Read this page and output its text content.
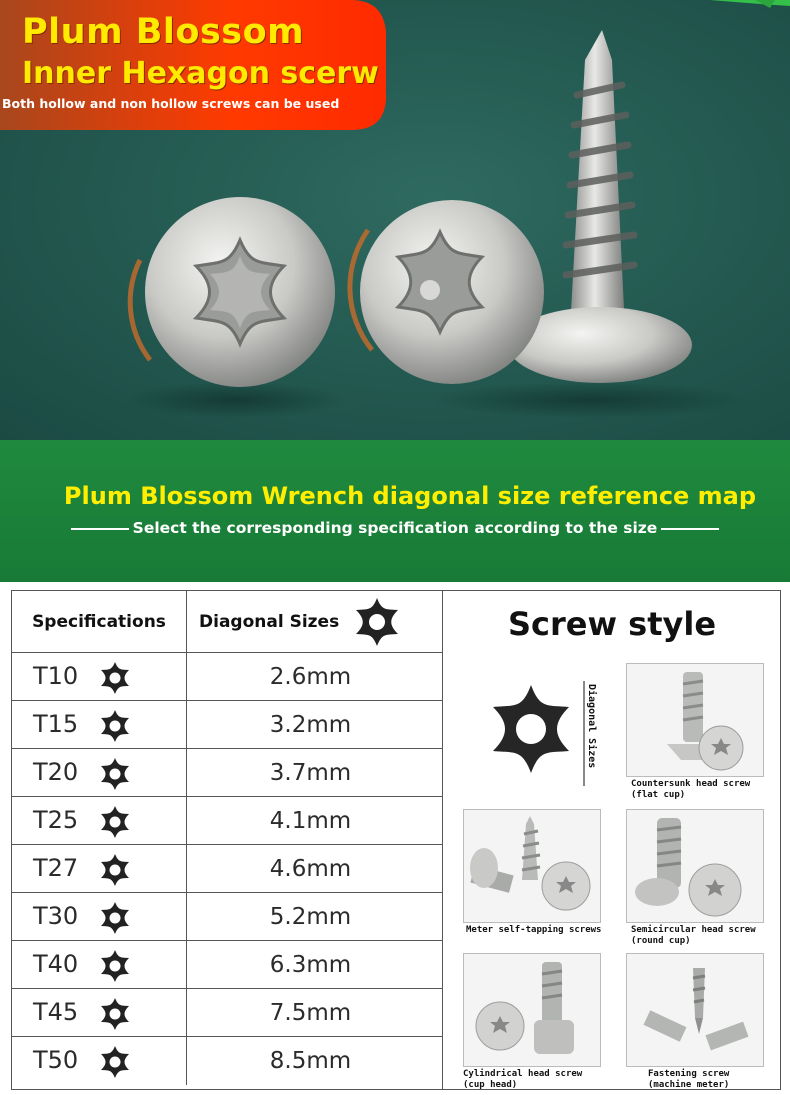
Plum Blossom
Inner Hexagon scerw
Both hollow and non hollow screws can be used
Plum Blossom Wrench diagonal size reference map
Select the corresponding specification according to the size
Specifications Diagonal Sizes
T10	2.6mm
T15	3.2mm
T20	3.7mm
T25	4.1mm
T27	4.6mm
T30	5.2mm
T40	6.3mm
T45	7.5mm
T50	8.5mm
Screw style
Diagonal Sizes
Countersunk head screw
(flat cup)
Meter self-tapping screws	Semicircular head screw
(round cup)
Cylindrical head screw
(cup head)
Fastening screw
(machine meter)
